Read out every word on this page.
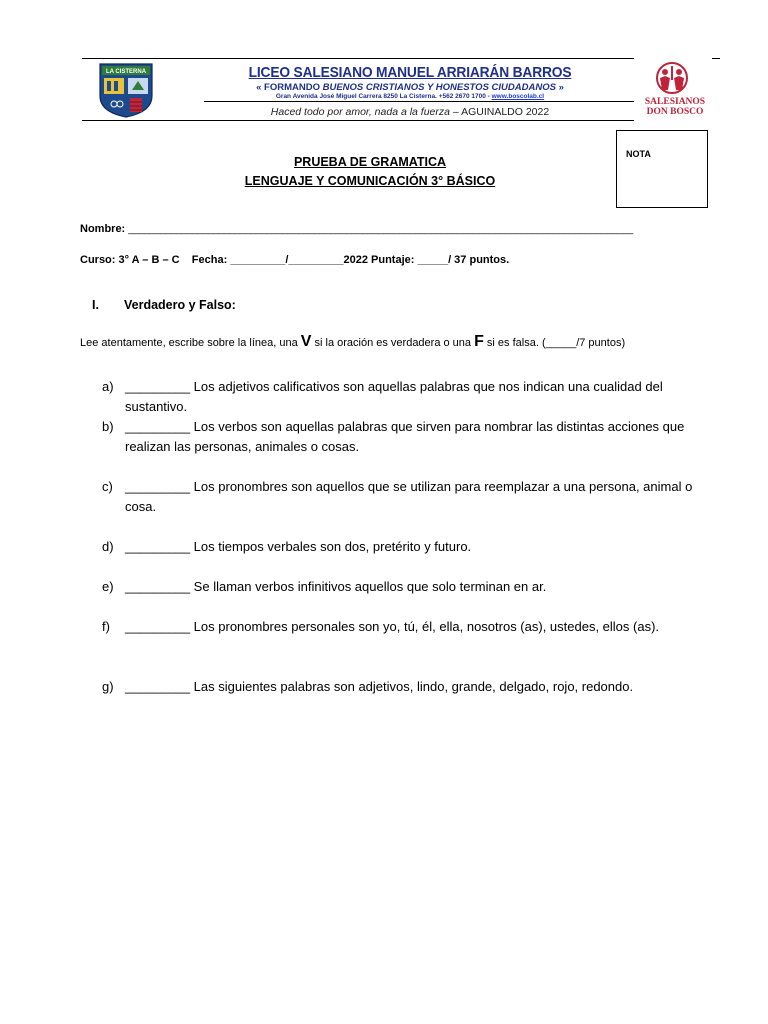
LA CISTERNA	LICEO SALESIANO MANUEL ARRIARÁN BARROS
« FORMANDO BUENOS CRISTIANOS Y HONESTOS CIUDADANOS »
Gran Avenida José Miguel Carrera 8250 La Cisterna. +562 2670 1700 - www.boscolab.cl
Haced todo por amor, nada a la fuerza – AGUINALDO 2022
SALESIANOS
DON BOSCO
PRUEBA DE GRAMATICA
LENGUAJE Y COMUNICACIÓN 3° BÁSICO
NOTA
Nombre: _______________________________________________________________________________________________
Curso: 3° A – B – C Fecha: _________/_________2022 Puntaje: _____/ 37 puntos.
I. Verdadero y Falso:
Lee atentamente, escribe sobre la línea, una V si la oración es verdadera o una F si es falsa. (_____/7 puntos)
a) _________ Los adjetivos calificativos son aquellas palabras que nos indican una cualidad del sustantivo.
b) _________ Los verbos son aquellas palabras que sirven para nombrar las distintas acciones que realizan las personas, animales o cosas.
c) _________ Los pronombres son aquellos que se utilizan para reemplazar a una persona, animal o cosa.
d) _________ Los tiempos verbales son dos, pretérito y futuro.
e) _________ Se llaman verbos infinitivos aquellos que solo terminan en ar.
f) _________ Los pronombres personales son yo, tú, él, ella, nosotros (as), ustedes, ellos (as).
g) _________ Las siguientes palabras son adjetivos, lindo, grande, delgado, rojo, redondo.
